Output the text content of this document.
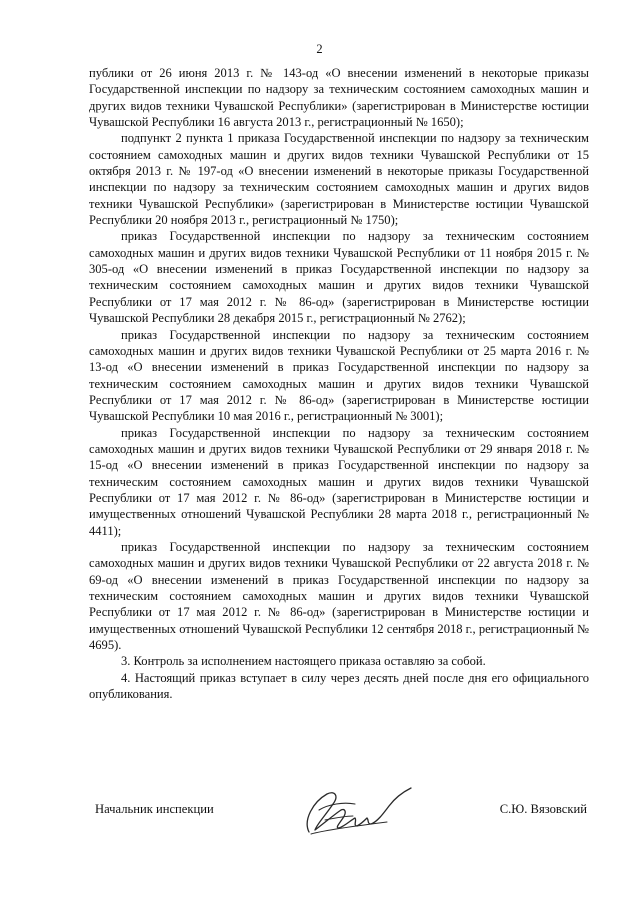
2

публики от 26 июня 2013 г. № 143-од «О внесении изменений в некоторые приказы Государственной инспекции по надзору за техническим состоянием самоходных машин и других видов техники Чувашской Республики» (зарегистрирован в Министерстве юстиции Чувашской Республики 16 августа 2013 г., регистрационный № 1650);

подпункт 2 пункта 1 приказа Государственной инспекции по надзору за техническим состоянием самоходных машин и других видов техники Чувашской Республики от 15 октября 2013 г. № 197-од «О внесении изменений в некоторые приказы Государственной инспекции по надзору за техническим состоянием самоходных машин и других видов техники Чувашской Республики» (зарегистрирован в Министерстве юстиции Чувашской Республики 20 ноября 2013 г., регистрационный № 1750);

приказ Государственной инспекции по надзору за техническим состоянием самоходных машин и других видов техники Чувашской Республики от 11 ноября 2015 г. № 305-од «О внесении изменений в приказ Государственной инспекции по надзору за техническим состоянием самоходных машин и других видов техники Чувашской Республики от 17 мая 2012 г. № 86-од» (зарегистрирован в Министерстве юстиции Чувашской Республики 28 декабря 2015 г., регистрационный № 2762);

приказ Государственной инспекции по надзору за техническим состоянием самоходных машин и других видов техники Чувашской Республики от 25 марта 2016 г. № 13-од «О внесении изменений в приказ Государственной инспекции по надзору за техническим состоянием самоходных машин и других видов техники Чувашской Республики от 17 мая 2012 г. № 86-од» (зарегистрирован в Министерстве юстиции Чувашской Республики 10 мая 2016 г., регистрационный № 3001);

приказ Государственной инспекции по надзору за техническим состоянием самоходных машин и других видов техники Чувашской Республики от 29 января 2018 г. № 15-од «О внесении изменений в приказ Государственной инспекции по надзору за техническим состоянием самоходных машин и других видов техники Чувашской Республики от 17 мая 2012 г. № 86-од» (зарегистрирован в Министерстве юстиции и имущественных отношений Чувашской Республики 28 марта 2018 г., регистрационный № 4411);

приказ Государственной инспекции по надзору за техническим состоянием самоходных машин и других видов техники Чувашской Республики от 22 августа 2018 г. № 69-од «О внесении изменений в приказ Государственной инспекции по надзору за техническим состоянием самоходных машин и других видов техники Чувашской Республики от 17 мая 2012 г. № 86-од» (зарегистрирован в Министерстве юстиции и имущественных отношений Чувашской Республики 12 сентября 2018 г., регистрационный № 4695).

3. Контроль за исполнением настоящего приказа оставляю за собой.

4. Настоящий приказ вступает в силу через десять дней после дня его официального опубликования.

Начальник инспекции	С.Ю. Вязовский
